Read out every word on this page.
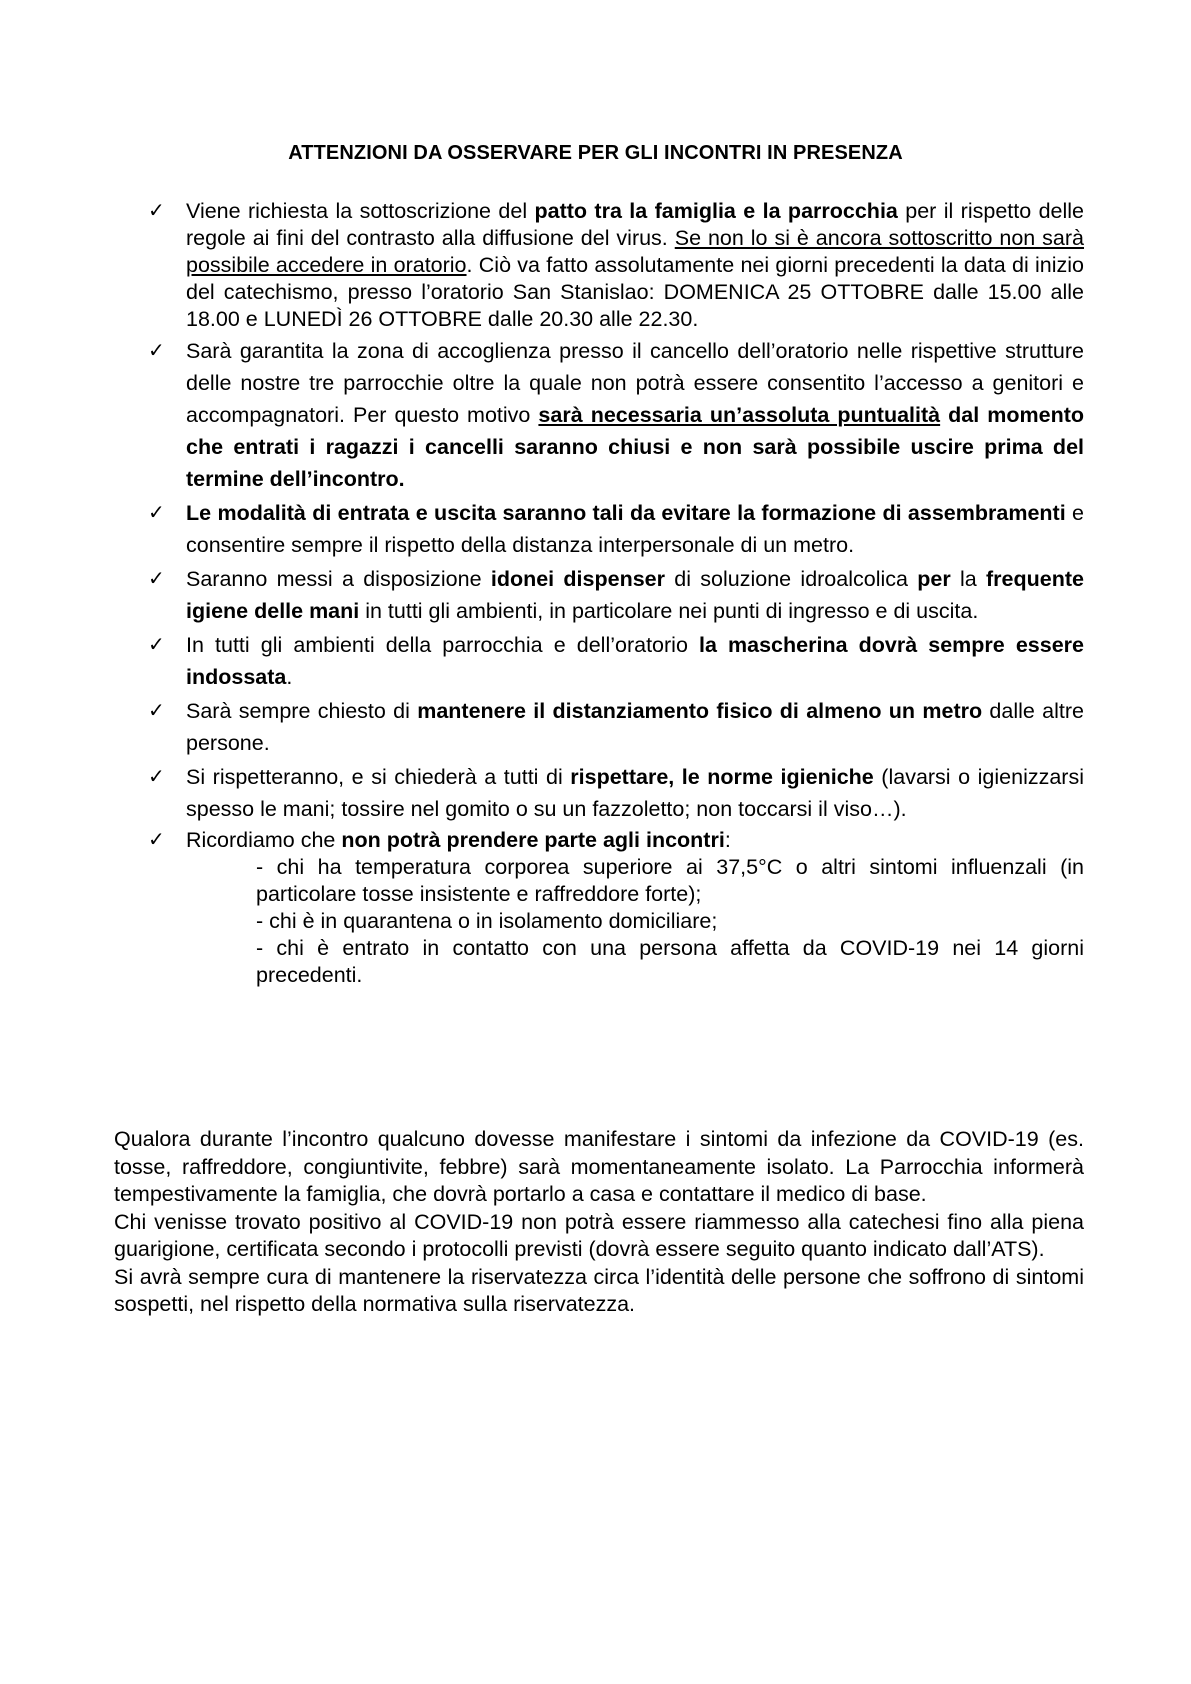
ATTENZIONI DA OSSERVARE PER GLI INCONTRI IN PRESENZA
✓ Viene richiesta la sottoscrizione del patto tra la famiglia e la parrocchia per il rispetto delle regole ai fini del contrasto alla diffusione del virus. Se non lo si è ancora sottoscritto non sarà possibile accedere in oratorio. Ciò va fatto assolutamente nei giorni precedenti la data di inizio del catechismo, presso l’oratorio San Stanislao: DOMENICA 25 OTTOBRE dalle 15.00 alle 18.00 e LUNEDÌ 26 OTTOBRE dalle 20.30 alle 22.30.
✓ Sarà garantita la zona di accoglienza presso il cancello dell’oratorio nelle rispettive strutture delle nostre tre parrocchie oltre la quale non potrà essere consentito l’accesso a genitori e accompagnatori. Per questo motivo sarà necessaria un’assoluta puntualità dal momento che entrati i ragazzi i cancelli saranno chiusi e non sarà possibile uscire prima del termine dell’incontro.
✓ Le modalità di entrata e uscita saranno tali da evitare la formazione di assembramenti e consentire sempre il rispetto della distanza interpersonale di un metro.
✓ Saranno messi a disposizione idonei dispenser di soluzione idroalcolica per la frequente igiene delle mani in tutti gli ambienti, in particolare nei punti di ingresso e di uscita.
✓ In tutti gli ambienti della parrocchia e dell’oratorio la mascherina dovrà sempre essere indossata.
✓ Sarà sempre chiesto di mantenere il distanziamento fisico di almeno un metro dalle altre persone.
✓ Si rispetteranno, e si chiederà a tutti di rispettare, le norme igieniche (lavarsi o igienizzarsi spesso le mani; tossire nel gomito o su un fazzoletto; non toccarsi il viso…).
✓ Ricordiamo che non potrà prendere parte agli incontri:
- chi ha temperatura corporea superiore ai 37,5°C o altri sintomi influenzali (in particolare tosse insistente e raffreddore forte);
- chi è in quarantena o in isolamento domiciliare;
- chi è entrato in contatto con una persona affetta da COVID-19 nei 14 giorni precedenti.

Qualora durante l’incontro qualcuno dovesse manifestare i sintomi da infezione da COVID-19 (es. tosse, raffreddore, congiuntivite, febbre) sarà momentaneamente isolato. La Parrocchia informerà tempestivamente la famiglia, che dovrà portarlo a casa e contattare il medico di base.

Chi venisse trovato positivo al COVID-19 non potrà essere riammesso alla catechesi fino alla piena guarigione, certificata secondo i protocolli previsti (dovrà essere seguito quanto indicato dall’ATS).

Si avrà sempre cura di mantenere la riservatezza circa l’identità delle persone che soffrono di sintomi sospetti, nel rispetto della normativa sulla riservatezza.
